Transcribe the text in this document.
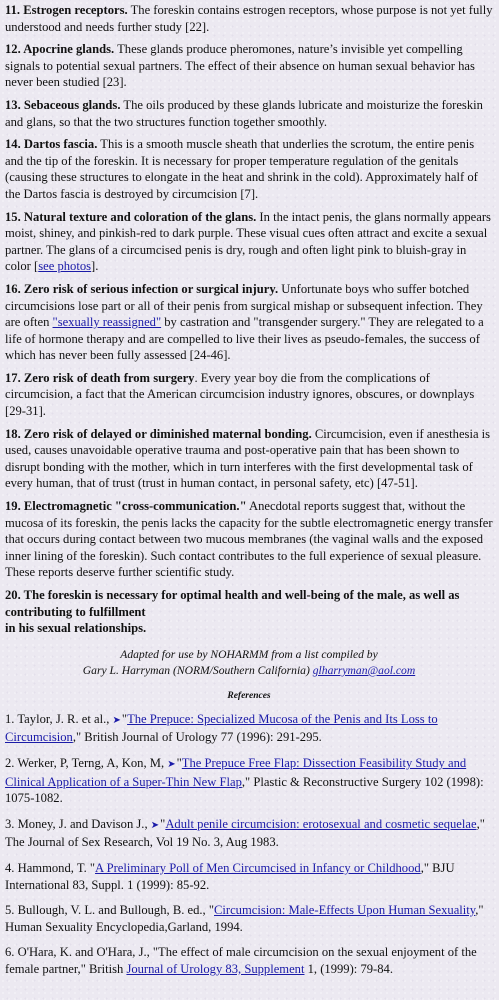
11. Estrogen receptors. The foreskin contains estrogen receptors, whose purpose is not yet fully understood and needs further study [22].

12. Apocrine glands. These glands produce pheromones, nature’s invisible yet compelling signals to potential sexual partners. The effect of their absence on human sexual behavior has never been studied [23].

13. Sebaceous glands. The oils produced by these glands lubricate and moisturize the foreskin and glans, so that the two structures function together smoothly.

14. Dartos fascia. This is a smooth muscle sheath that underlies the scrotum, the entire penis and the tip of the foreskin. It is necessary for proper temperature regulation of the genitals (causing these structures to elongate in the heat and shrink in the cold). Approximately half of the Dartos fascia is destroyed by circumcision [7].

15. Natural texture and coloration of the glans. In the intact penis, the glans normally appears moist, shiney, and pinkish-red to dark purple. These visual cues often attract and excite a sexual partner. The glans of a circumcised penis is dry, rough and often light pink to bluish-gray in color [see photos].

16. Zero risk of serious infection or surgical injury. Unfortunate boys who suffer botched circumcisions lose part or all of their penis from surgical mishap or subsequent infection. They are often "sexually reassigned" by castration and "transgender surgery." They are relegated to a life of hormone therapy and are compelled to live their lives as pseudo-females, the success of which has never been fully assessed [24-46].

17. Zero risk of death from surgery. Every year boy die from the complications of circumcision, a fact that the American circumcision industry ignores, obscures, or downplays [29-31].

18. Zero risk of delayed or diminished maternal bonding. Circumcision, even if anesthesia is used, causes unavoidable operative trauma and post-operative pain that has been shown to disrupt bonding with the mother, which in turn interferes with the first developmental task of every human, that of trust (trust in human contact, in personal safety, etc) [47-51].

19. Electromagnetic "cross-communication." Anecdotal reports suggest that, without the mucosa of its foreskin, the penis lacks the capacity for the subtle electromagnetic energy transfer that occurs during contact between two mucous membranes (the vaginal walls and the exposed inner lining of the foreskin). Such contact contributes to the full experience of sexual pleasure. These reports deserve further scientific study.

20. The foreskin is necessary for optimal health and well-being of the male, as well as contributing to fulfillment
in his sexual relationships.

Adapted for use by NOHARMM from a list compiled by
Gary L. Harryman (NORM/Southern California) glharryman@aol.com
References

1. Taylor, J. R. et al., ➤"The Prepuce: Specialized Mucosa of the Penis and Its Loss to Circumcision," British Journal of Urology 77 (1996): 291-295.

2. Werker, P, Terng, A, Kon, M, ➤"The Prepuce Free Flap: Dissection Feasibility Study and Clinical Application of a Super-Thin New Flap," Plastic & Reconstructive Surgery 102 (1998): 1075-1082.

3. Money, J. and Davison J., ➤"Adult penile circumcision: erotosexual and cosmetic sequelae," The Journal of Sex Research, Vol 19 No. 3, Aug 1983.

4. Hammond, T. "A Preliminary Poll of Men Circumcised in Infancy or Childhood," BJU International 83, Suppl. 1 (1999): 85-92.

5. Bullough, V. L. and Bullough, B. ed., "Circumcision: Male-Effects Upon Human Sexuality," Human Sexuality Encyclopedia,Garland, 1994.

6. O'Hara, K. and O'Hara, J., "The effect of male circumcision on the sexual enjoyment of the female partner," British Journal of Urology 83, Supplement 1, (1999): 79-84.
